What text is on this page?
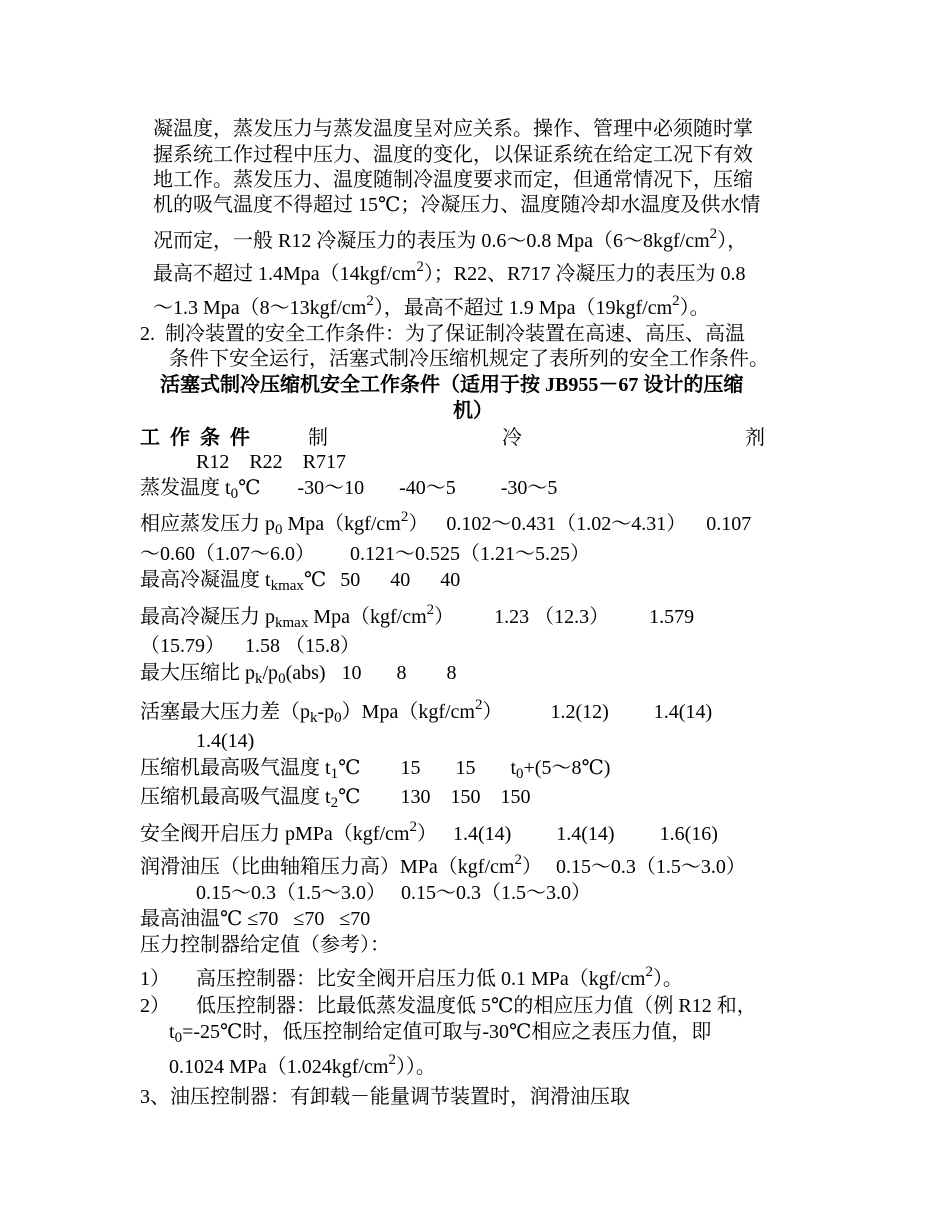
凝温度，蒸发压力与蒸发温度呈对应关系。操作、管理中必须随时掌
握系统工作过程中压力、温度的变化，以保证系统在给定工况下有效
地工作。蒸发压力、温度随制冷温度要求而定，但通常情况下，压缩
机的吸气温度不得超过 15℃；冷凝压力、温度随冷却水温度及供水情
况而定，一般 R12 冷凝压力的表压为 0.6～0.8 $Mpa(6\sim 8kgf/cm^2)$，
最高不超过 $1.4Mpa(14kgf/cm^2)$；R22、R717 冷凝压力的表压为 0.8
～1.3 $Mpa(8\sim 13kgf/cm^2)$，最高不超过 1.9 $Mpa(19kgf/cm^2)$。
2.  制冷装置的安全工作条件：为了保证制冷装置在高速、高压、高温
条件下安全运行，活塞式制冷压缩机规定了表所列的安全工作条件。
活塞式制冷压缩机安全工作条件（适用于按 JB955－67 设计的压缩
机）
工  作  条  件	制	冷	剂
R12    R22    R717
蒸发温度 $t_0℃$ -30～10       -40～5         -30～5
相应蒸发压力 $p_0$ $Mpa(kgf/cm^2)$ 0.102～0.431（1.02～4.31）    0.107
～0.60（1.07～6.0）       0.121～0.525（1.21～5.25）
最高冷凝温度 $t_{kmax}℃$ 50      40      40
最高冷凝压力 $p_{kmax}$ $Mpa(kgf/cm^2)$ 1.23 （12.3）        1.579
（15.79）    1.58 （15.8）
最大压缩比 $p_k/p_0(abs)$ 10       8        8
活塞最大压力差$(p_k-p_0)Mpa(kgf/cm^2)$ 1.2(12)         1.4(14)
1.4(14)
压缩机最高吸气温度 $t_1℃$ 15       15       $t_0+(5\sim 8℃)$
压缩机最高吸气温度 $t_2℃$ 130    150    150
安全阀开启压力 $pMPa(kgf/cm^2)$ 1.4(14)         1.4(14)         1.6(16)
润滑油压（比曲轴箱压力高）$MPa(kgf/cm^2)$ 0.15～0.3（1.5～3.0）
0.15～0.3（1.5～3.0）   0.15～0.3（1.5～3.0）
最高油温℃ ≤70   ≤70   ≤70
压力控制器给定值（参考）：
1） 高压控制器：比安全阀开启压力低 0.1 $MPa(kgf/cm^2)$。
2） 低压控制器：比最低蒸发温度低 5℃的相应压力值（例 R12 和，
$t_0=-25℃$时，低压控制给定值可取与-30℃相应之表压力值，即
0.1024 $MPa(1.024kgf/cm^2)$）。
3、油压控制器：有卸载－能量调节装置时，润滑油压取
